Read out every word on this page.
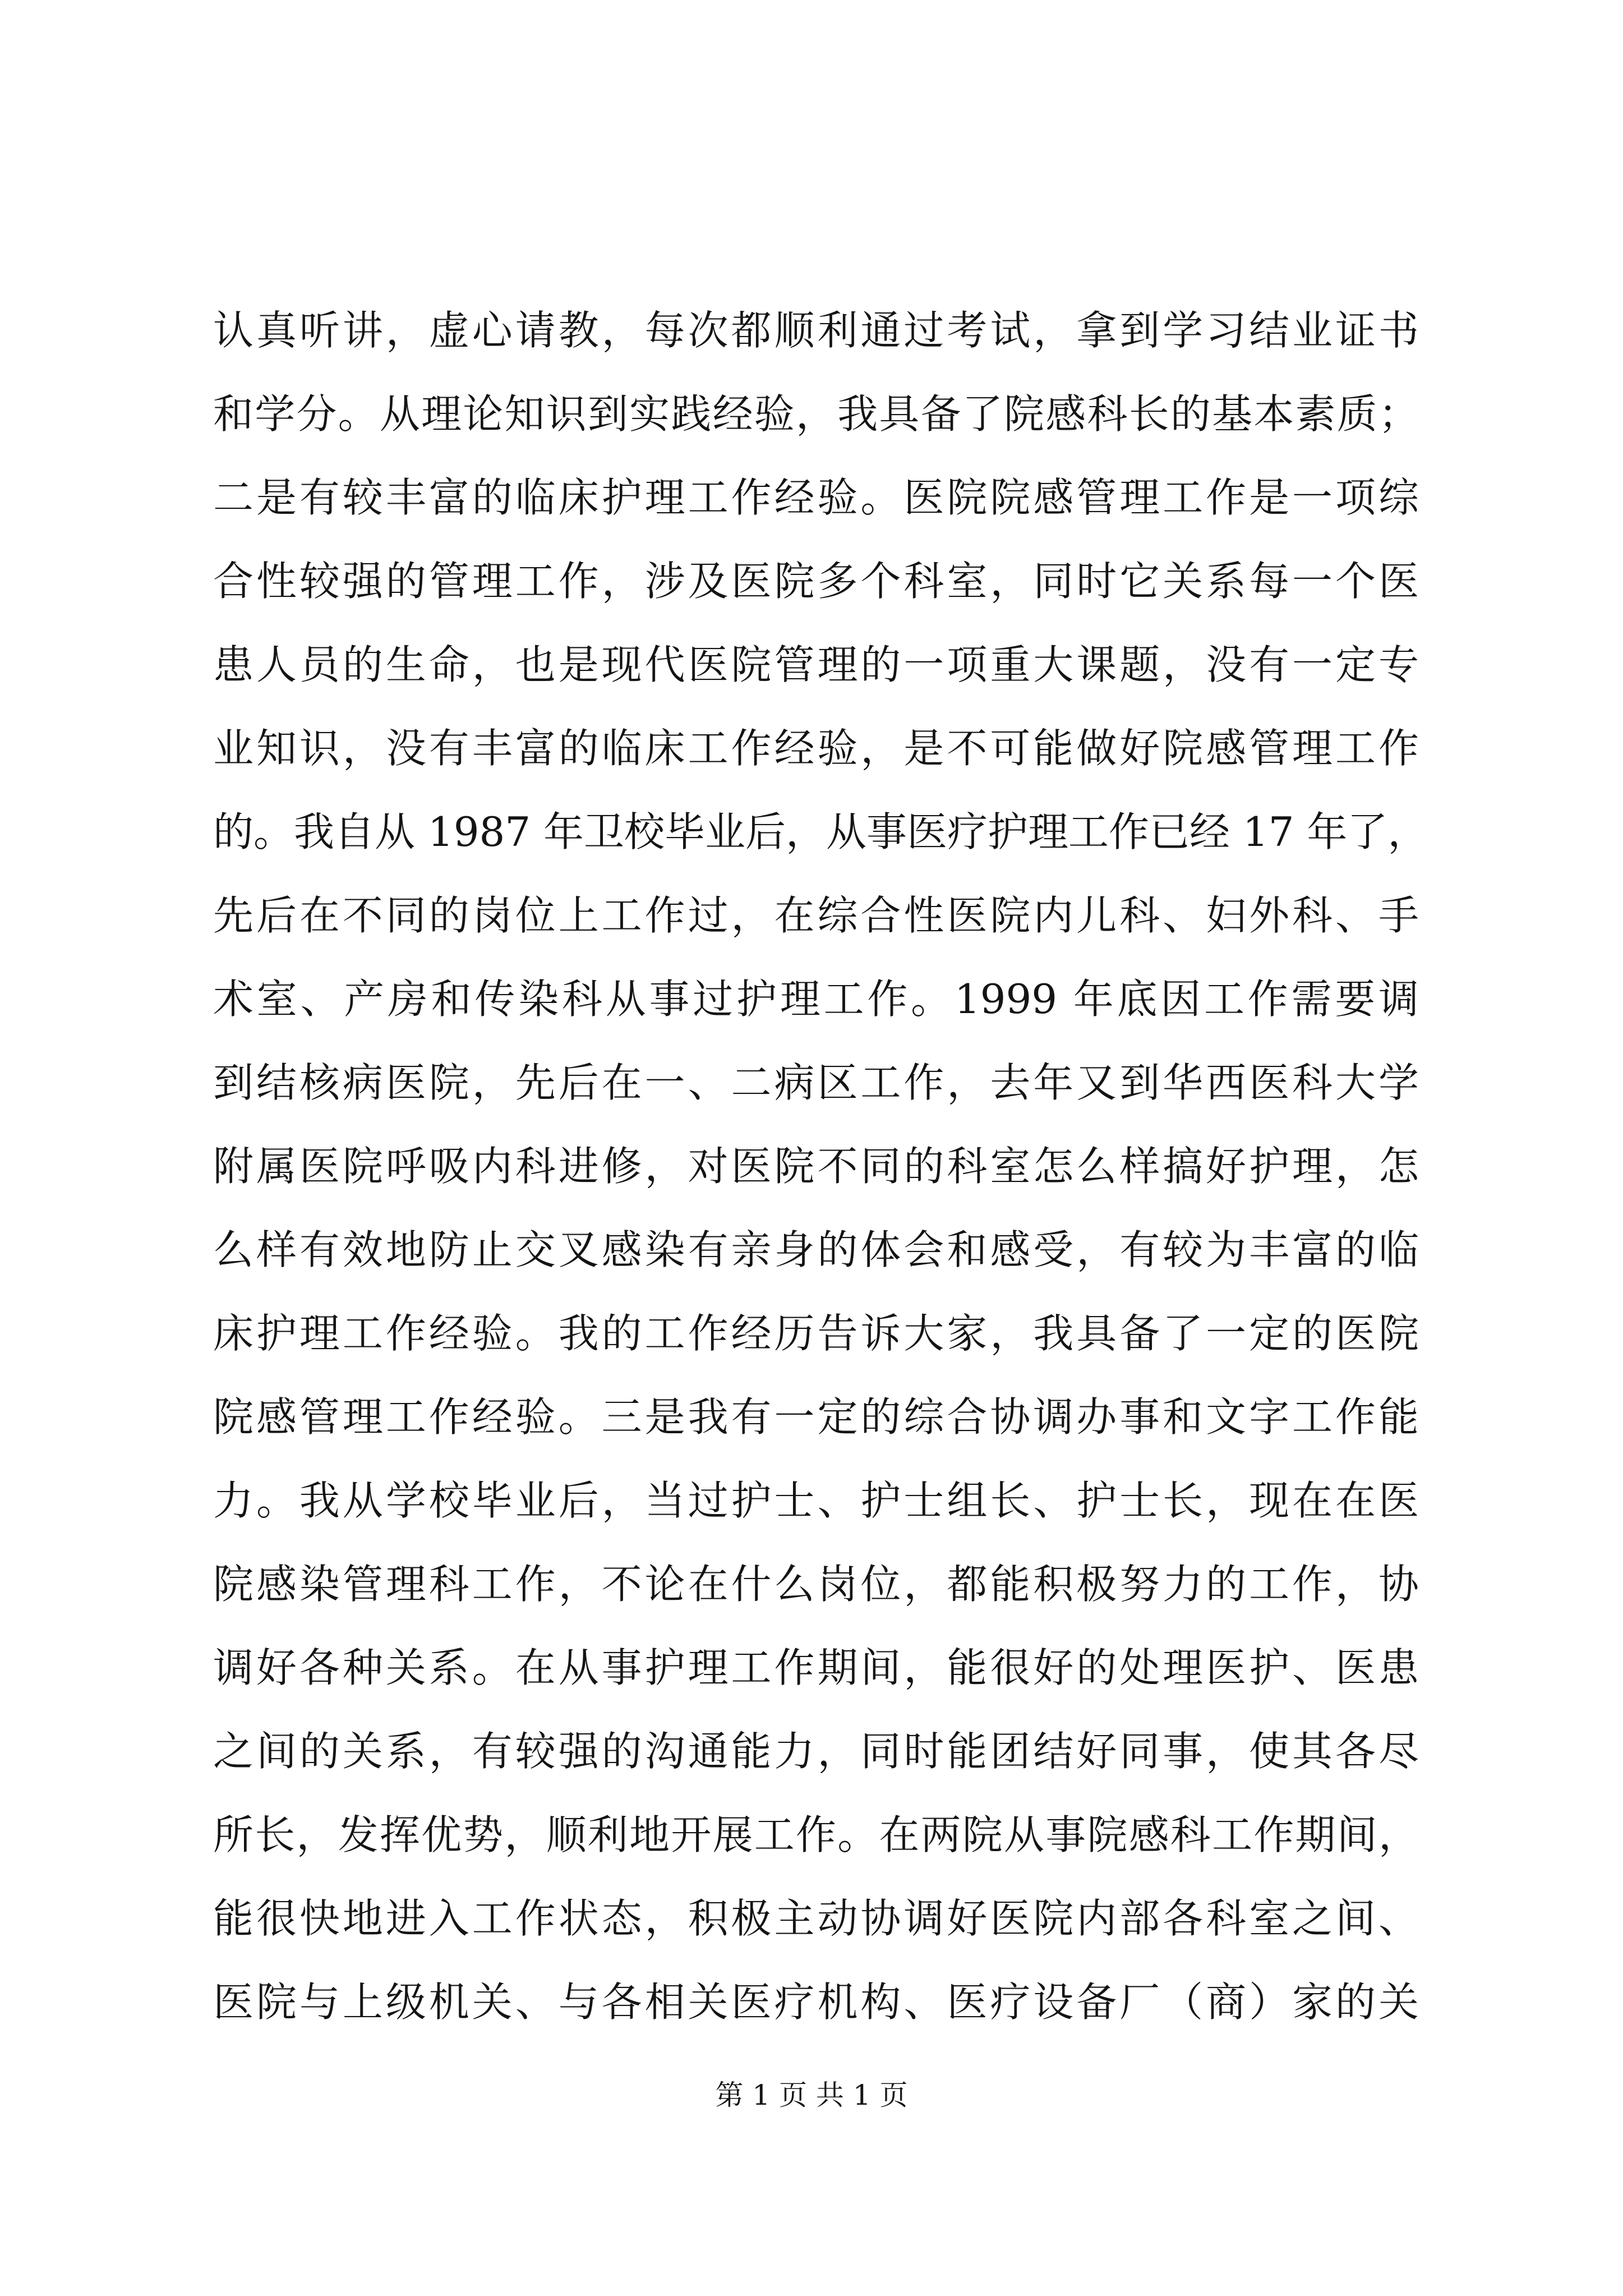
认真听讲，虚心请教，每次都顺利通过考试，拿到学习结业证书
和学分。从理论知识到实践经验，我具备了院感科长的基本素质；
二是有较丰富的临床护理工作经验。医院院感管理工作是一项综
合性较强的管理工作，涉及医院多个科室，同时它关系每一个医
患人员的生命，也是现代医院管理的一项重大课题，没有一定专
业知识，没有丰富的临床工作经验，是不可能做好院感管理工作
的。我自从 1987 年卫校毕业后，从事医疗护理工作已经 17 年了，
先后在不同的岗位上工作过，在综合性医院内儿科、妇外科、手
术室、产房和传染科从事过护理工作。1999 年底因工作需要调
到结核病医院，先后在一、二病区工作，去年又到华西医科大学
附属医院呼吸内科进修，对医院不同的科室怎么样搞好护理，怎
么样有效地防止交叉感染有亲身的体会和感受，有较为丰富的临
床护理工作经验。我的工作经历告诉大家，我具备了一定的医院
院感管理工作经验。三是我有一定的综合协调办事和文字工作能
力。我从学校毕业后，当过护士、护士组长、护士长，现在在医
院感染管理科工作，不论在什么岗位，都能积极努力的工作，协
调好各种关系。在从事护理工作期间，能很好的处理医护、医患
之间的关系，有较强的沟通能力，同时能团结好同事，使其各尽
所长，发挥优势，顺利地开展工作。在两院从事院感科工作期间，
能很快地进入工作状态，积极主动协调好医院内部各科室之间、
医院与上级机关、与各相关医疗机构、医疗设备厂（商）家的关
第 1 页 共 1 页
